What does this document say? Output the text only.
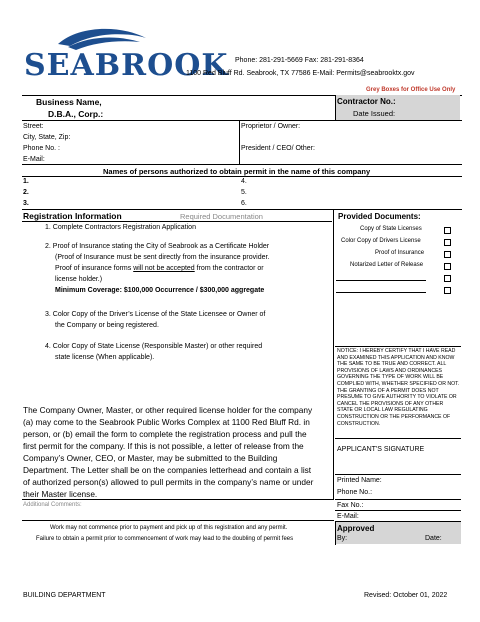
SEABROOK Phone: 281-291-5669 Fax: 281-291-8364
1100 Red Bluff Rd. Seabrook, TX 77586 E-Mail: Permits@seabrooktx.gov
Grey Boxes for Office Use Only
Business Name,
D.B.A., Corp.:
Contractor No.:
Date Issued:
Street:
City, State, Zip:
Phone No. :
E-Mail:
Proprietor / Owner:
President / CEO/ Other:
Names of persons authorized to obtain permit in the name of this company
1.
2.
3.
4.
5.
6.
Registration Information	Required Documentation
1. Complete Contractors Registration Application
2. Proof of Insurance stating the City of Seabrook as a Certificate Holder
(Proof of Insurance must be sent directly from the insurance provider.
Proof of insurance forms will not be accepted from the contractor or
license holder.)
Minimum Coverage: $100,000 Occurrence / $300,000 aggregate
3. Color Copy of the Driver’s License of the State Licensee or Owner of
the Company or being registered.
4. Color Copy of State License (Responsible Master) or other required
state license (When applicable).
The Company Owner, Master, or other required license holder for the company
(a) may come to the Seabrook Public Works Complex at 1100 Red Bluff Rd. in
person, or (b) email the form to complete the registration process and pull the
first permit for the company. If this is not possible, a letter of release from the
Company’s Owner, CEO, or Master, may be submitted to the Building
Department. The Letter shall be on the companies letterhead and contain a list
of authorized person(s) allowed to pull permits in the company’s name or under
their Master license.
Provided Documents:
Copy of State Licenses
Color Copy of Drivers License
Proof of Insurance
Notarized Letter of Release
NOTICE: I HEREBY CERTIFY THAT I HAVE READ
AND EXAMINED THIS APPLICATION AND KNOW
THE SAME TO BE TRUE AND CORRECT. ALL
PROVISIONS OF LAWS AND ORDINANCES
GOVERNING THE TYPE OF WORK WILL BE
COMPLIED WITH, WHETHER SPECIFIED OR NOT.
THE GRANTING OF A PERMIT DOES NOT
PRESUME TO GIVE AUTHORITY TO VIOLATE OR
CANCEL THE PROVISIONS OF ANY OTHER
STATE OR LOCAL LAW REGULATING
CONSTRUCTION OR THE PERFORMANCE OF
CONSTRUCTION.
APPLICANT'S SIGNATURE
Printed Name:
Phone No.:
Additional Comments:
Work may not commence prior to payment and pick up of this registration and any permit.
Failure to obtain a permit prior to commencement of work may lead to the doubling of permit fees
Fax No.:
E-Mail:
Approved
By:	Date:
BUILDING DEPARTMENT	Revised: October 01, 2022
